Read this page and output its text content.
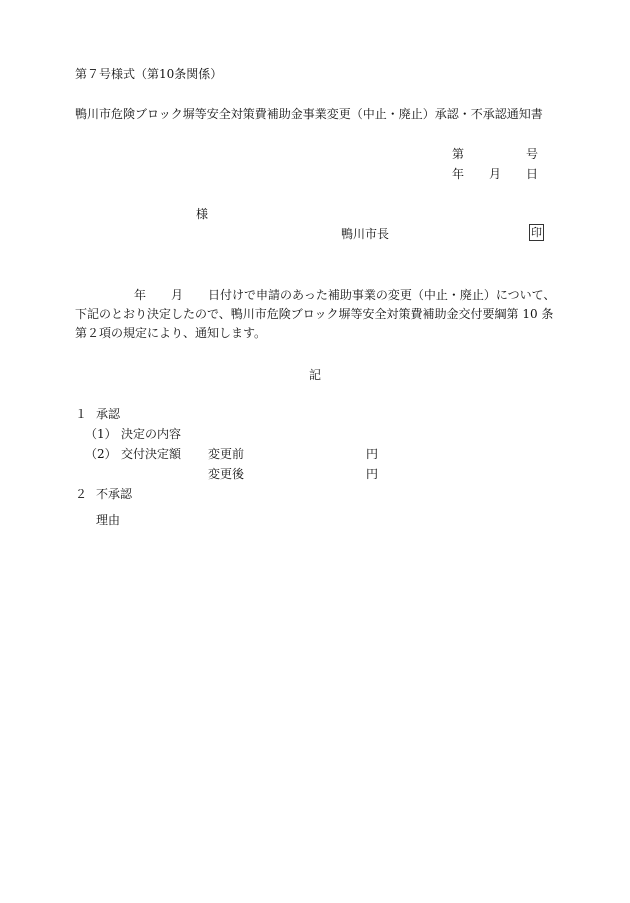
第７号様式（第10条関係）
鴨川市危険ブロック塀等安全対策費補助金事業変更（中止・廃止）承認・不承認通知書
第	号
年 月 日
様
鴨川市長	印
年 月 日付けで申請のあった補助事業の変更（中止・廃止）について、
下記のとおり決定したので、鴨川市危険ブロック塀等安全対策費補助金交付要綱第 10 条
第２項の規定により、通知します。
記
１ 承認
（1） 決定の内容
（2） 交付決定額 変更前	円
変更後	円
２ 不承認
理由
